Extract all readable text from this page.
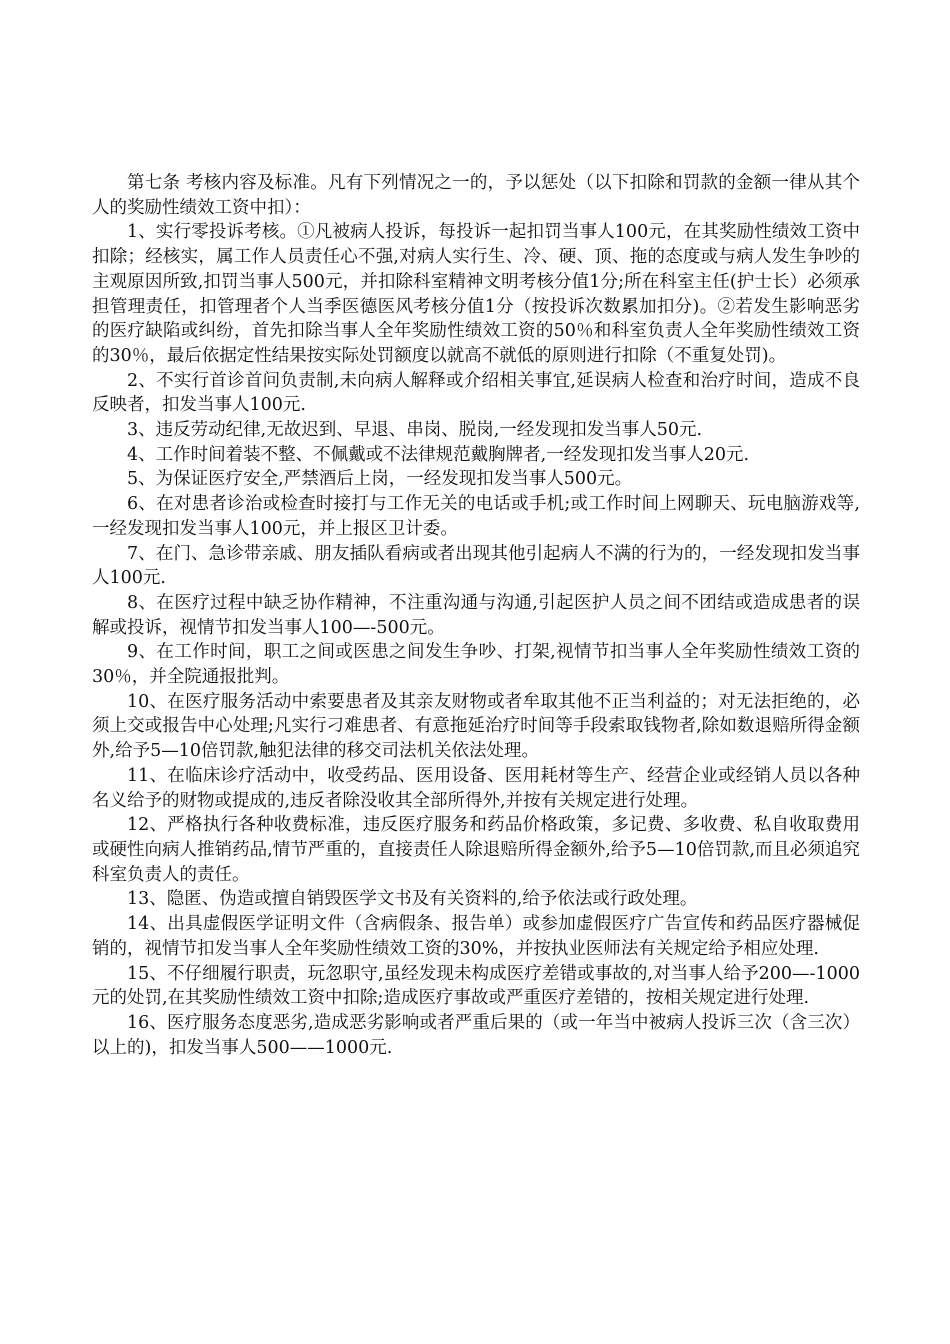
第七条 考核内容及标准。凡有下列情况之一的，予以惩处（以下扣除和罚款的金额一律从其个人的奖励性绩效工资中扣）：

1、实行零投诉考核。①凡被病人投诉，每投诉一起扣罚当事人100元，在其奖励性绩效工资中扣除；经核实，属工作人员责任心不强,对病人实行生、冷、硬、顶、拖的态度或与病人发生争吵的主观原因所致,扣罚当事人500元，并扣除科室精神文明考核分值1分;所在科室主任(护士长）必须承担管理责任，扣管理者个人当季医德医风考核分值1分（按投诉次数累加扣分)。②若发生影响恶劣的医疗缺陷或纠纷，首先扣除当事人全年奖励性绩效工资的50％和科室负责人全年奖励性绩效工资的30％，最后依据定性结果按实际处罚额度以就高不就低的原则进行扣除（不重复处罚)。

2、不实行首诊首问负责制,未向病人解释或介绍相关事宜,延误病人检查和治疗时间，造成不良反映者，扣发当事人100元.

3、违反劳动纪律,无故迟到、早退、串岗、脱岗,一经发现扣发当事人50元.

4、工作时间着装不整、不佩戴或不法律规范戴胸牌者,一经发现扣发当事人20元.

5、为保证医疗安全,严禁酒后上岗，一经发现扣发当事人500元。

6、在对患者诊治或检查时接打与工作无关的电话或手机;或工作时间上网聊天、玩电脑游戏等,一经发现扣发当事人100元，并上报区卫计委。

7、在门、急诊带亲戚、朋友插队看病或者出现其他引起病人不满的行为的，一经发现扣发当事人100元.

8、在医疗过程中缺乏协作精神，不注重沟通与沟通,引起医护人员之间不团结或造成患者的误解或投诉，视情节扣发当事人100—-500元。

9、在工作时间，职工之间或医患之间发生争吵、打架,视情节扣当事人全年奖励性绩效工资的30％，并全院通报批判。

10、在医疗服务活动中索要患者及其亲友财物或者牟取其他不正当利益的；对无法拒绝的，必须上交或报告中心处理;凡实行刁难患者、有意拖延治疗时间等手段索取钱物者,除如数退赔所得金额外,给予5—10倍罚款,触犯法律的移交司法机关依法处理。

11、在临床诊疗活动中，收受药品、医用设备、医用耗材等生产、经营企业或经销人员以各种名义给予的财物或提成的,违反者除没收其全部所得外,并按有关规定进行处理。

12、严格执行各种收费标准，违反医疗服务和药品价格政策，多记费、多收费、私自收取费用或硬性向病人推销药品,情节严重的，直接责任人除退赔所得金额外,给予5—10倍罚款,而且必须追究科室负责人的责任。

13、隐匿、伪造或擅自销毁医学文书及有关资料的,给予依法或行政处理。

14、出具虚假医学证明文件（含病假条、报告单）或参加虚假医疗广告宣传和药品医疗器械促销的，视情节扣发当事人全年奖励性绩效工资的30%，并按执业医师法有关规定给予相应处理.

15、不仔细履行职责，玩忽职守,虽经发现未构成医疗差错或事故的,对当事人给予200—-1000元的处罚,在其奖励性绩效工资中扣除;造成医疗事故或严重医疗差错的，按相关规定进行处理.

16、医疗服务态度恶劣,造成恶劣影响或者严重后果的（或一年当中被病人投诉三次（含三次）以上的)，扣发当事人500——1000元.
